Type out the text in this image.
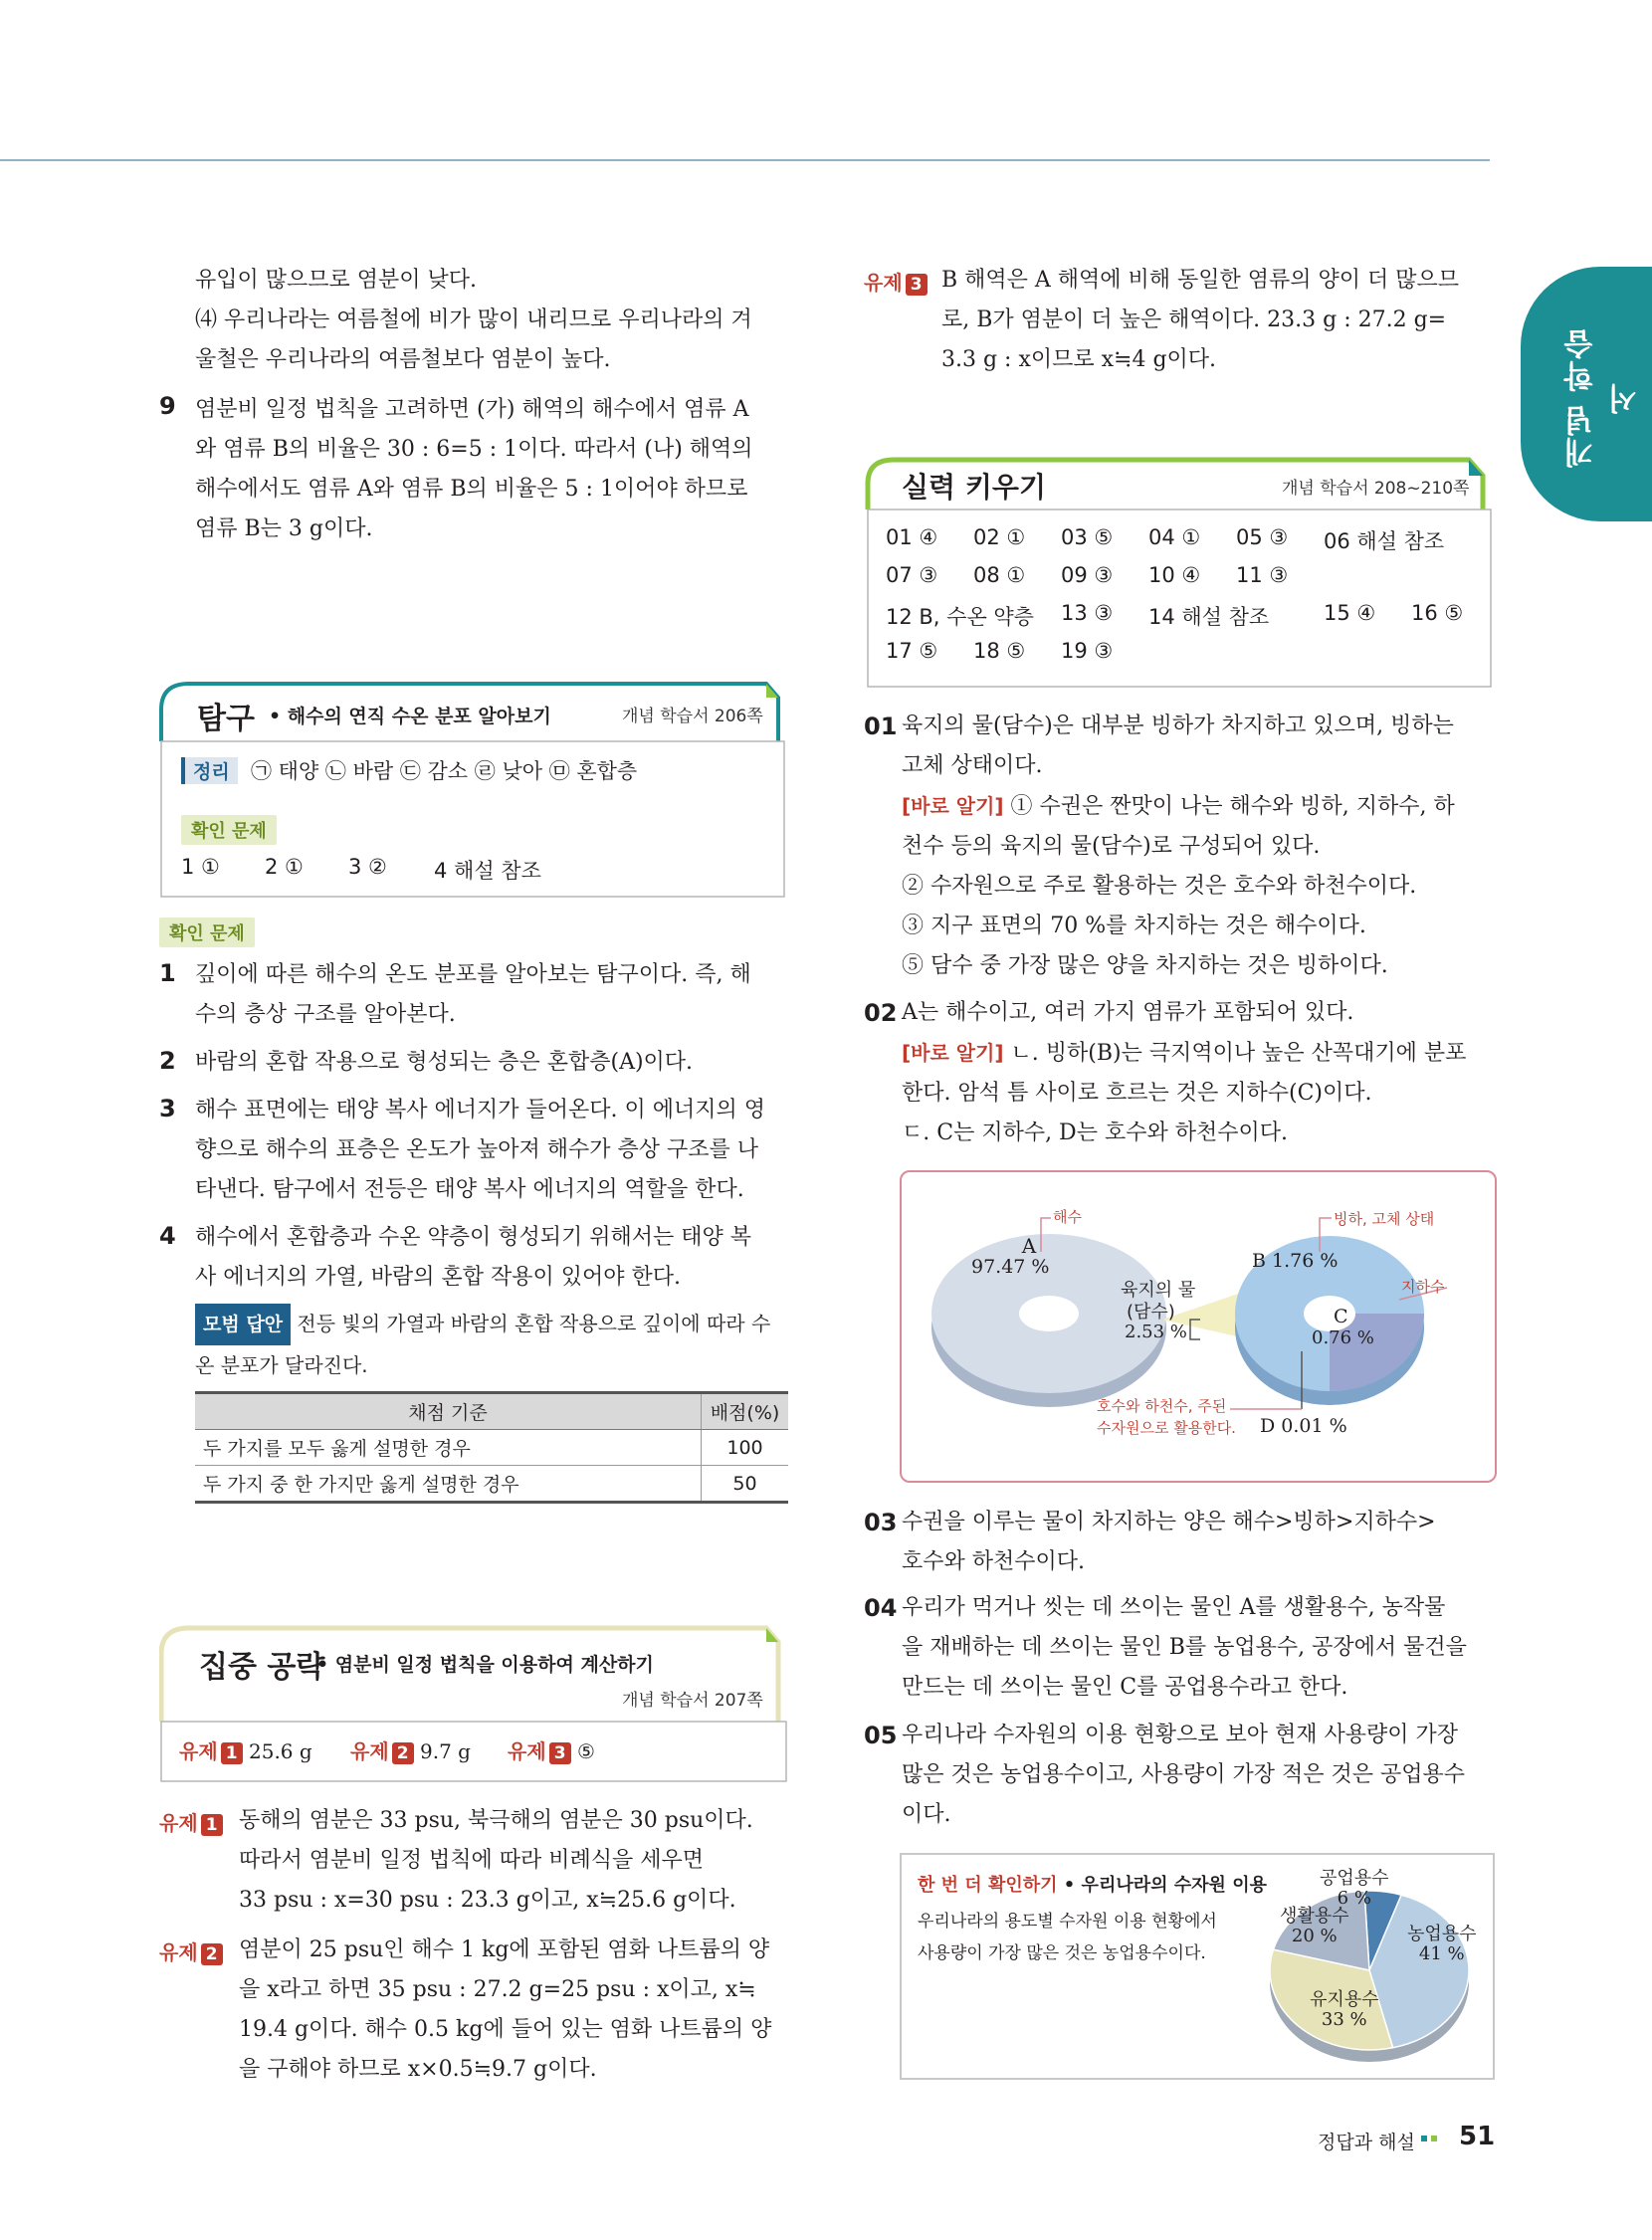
개념 학습서

유입이 많으므로 염분이 낮다.

⑷ 우리나라는 여름철에 비가 많이 내리므로 우리나라의 겨

울철은 우리나라의 여름철보다 염분이 높다.

9 염분비 일정 법칙을 고려하면 (가) 해역의 해수에서 염류 A

와 염류 B의 비율은 30 : 6=5 : 1이다. 따라서 (나) 해역의

해수에서도 염류 A와 염류 B의 비율은 5 : 1이어야 하므로

염류 B는 3 g이다.

탐구 • 해수의 연직 수온 분포 알아보기	개념 학습서 206쪽
정리	㉠ 태양 ㉡ 바람 ㉢ 감소 ㉣ 낮아 ㉤ 혼합층
확인 문제
1 ① 2 ① 3 ② 4 해설 참조
확인 문제
1 깊이에 따른 해수의 온도 분포를 알아보는 탐구이다. 즉, 해

수의 층상 구조를 알아본다.

2 바람의 혼합 작용으로 형성되는 층은 혼합층(A)이다.

3 해수 표면에는 태양 복사 에너지가 들어온다. 이 에너지의 영

향으로 해수의 표층은 온도가 높아져 해수가 층상 구조를 나

타낸다. 탐구에서 전등은 태양 복사 에너지의 역할을 한다.

4 해수에서 혼합층과 수온 약층이 형성되기 위해서는 태양 복

사 에너지의 가열, 바람의 혼합 작용이 있어야 한다.

모범 답안 전등 빛의 가열과 바람의 혼합 작용으로 깊이에 따라 수
온 분포가 달라진다.
채점 기준	배점(%)
두 가지를 모두 옳게 설명한 경우	100
두 가지 중 한 가지만 옳게 설명한 경우	50
집중 공략
• 염분비 일정 법칙을 이용하여 계산하기
개념 학습서 207쪽
유제 1 25.6 g 유제 2 9.7 g 유제 3 ⑤
유제 1 동해의 염분은 33 psu, 북극해의 염분은 30 psu이다.

따라서 염분비 일정 법칙에 따라 비례식을 세우면

33 psu : x=30 psu : 23.3 g이고, x≒25.6 g이다.

유제 2 염분이 25 psu인 해수 1 kg에 포함된 염화 나트륨의 양

을 x라고 하면 35 psu : 27.2 g=25 psu : x이고, x≒

19.4 g이다. 해수 0.5 kg에 들어 있는 염화 나트륨의 양

을 구해야 하므로 x×0.5≒9.7 g이다.

유제 3 B 해역은 A 해역에 비해 동일한 염류의 양이 더 많으므

로, B가 염분이 더 높은 해역이다. 23.3 g : 27.2 g=

3.3 g : x이므로 x≒4 g이다.

실력 키우기	개념 학습서 208~210쪽
01 ④ 02 ① 03 ⑤ 04 ① 05 ③ 06 해설 참조
07 ③ 08 ① 09 ③ 10 ④ 11 ③
12 B, 수온 약층 13 ③ 14 해설 참조	15 ④ 16 ⑤
17 ⑤ 18 ⑤ 19 ③
01 육지의 물(담수)은 대부분 빙하가 차지하고 있으며, 빙하는

고체 상태이다.

[바로 알기] ① 수권은 짠맛이 나는 해수와 빙하, 지하수, 하

천수 등의 육지의 물(담수)로 구성되어 있다.

② 수자원으로 주로 활용하는 것은 호수와 하천수이다.

③ 지구 표면의 70 %를 차지하는 것은 해수이다.

⑤ 담수 중 가장 많은 양을 차지하는 것은 빙하이다.

02 A는 해수이고, 여러 가지 염류가 포함되어 있다.

[바로 알기] ㄴ. 빙하(B)는 극지역이나 높은 산꼭대기에 분포

한다. 암석 틈 사이로 흐르는 것은 지하수(C)이다.

ㄷ. C는 지하수, D는 호수와 하천수이다.

해수
A
97.47 %
육지의 물
(담수)
2.53 %
빙하, 고체 상태
B 1.76 %
지하수
C
0.76 %
호수와 하천수, 주된
수자원으로 활용한다. D 0.01 %
03 수권을 이루는 물이 차지하는 양은 해수>빙하>지하수>

호수와 하천수이다.

04 우리가 먹거나 씻는 데 쓰이는 물인 A를 생활용수, 농작물

을 재배하는 데 쓰이는 물인 B를 농업용수, 공장에서 물건을

만드는 데 쓰이는 물인 C를 공업용수라고 한다.

05 우리나라 수자원의 이용 현황으로 보아 현재 사용량이 가장

많은 것은 농업용수이고, 사용량이 가장 적은 것은 공업용수

이다.

한 번 더 확인하기 • 우리나라의 수자원 이용
우리나라의 용도별 수자원 이용 현황에서
사용량이 가장 많은 것은 농업용수이다.
공업용수
6 %
농업용수
41 %
유지용수
33 %
생활용수
20 %
정답과 해설 51
